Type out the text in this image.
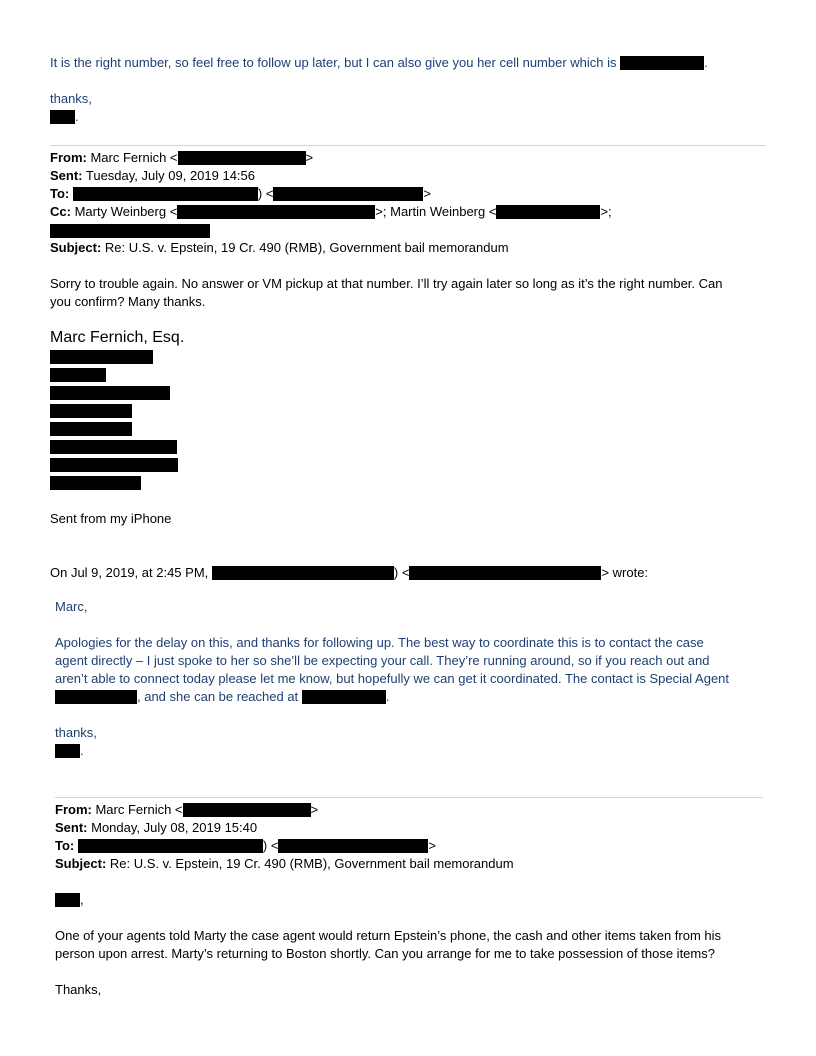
It is the right number, so feel free to follow up later, but I can also give you her cell number which is	.
thanks,
.
From: Marc Fernich <	>
Sent: Tuesday, July 09, 2019 14:56
To:	) <	>
Cc: Marty Weinberg <	>; Martin Weinberg <	>;
Subject: Re: U.S. v. Epstein, 19 Cr. 490 (RMB), Government bail memorandum
Sorry to trouble again. No answer or VM pickup at that number. I’ll try again later so long as it’s the right number. Can
you confirm? Many thanks.
Marc Fernich, Esq.
Sent from my iPhone
On Jul 9, 2019, at 2:45 PM,	) <	> wrote:
Marc,
Apologies for the delay on this, and thanks for following up. The best way to coordinate this is to contact the case
agent directly – I just spoke to her so she’ll be expecting your call. They’re running around, so if you reach out and
aren’t able to connect today please let me know, but hopefully we can get it coordinated. The contact is Special Agent
, and she can be reached at	.
thanks,
.
From: Marc Fernich <	>
Sent: Monday, July 08, 2019 15:40
To:	) <	>
Subject: Re: U.S. v. Epstein, 19 Cr. 490 (RMB), Government bail memorandum
,
One of your agents told Marty the case agent would return Epstein’s phone, the cash and other items taken from his
person upon arrest. Marty’s returning to Boston shortly. Can you arrange for me to take possession of those items?
Thanks,
